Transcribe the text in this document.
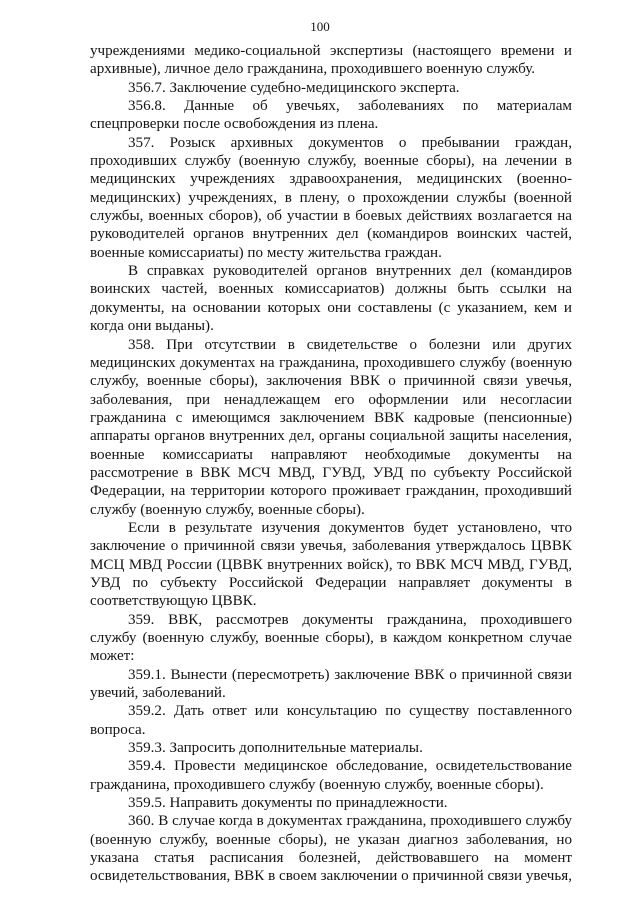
100

учреждениями медико-социальной экспертизы (настоящего времени и архивные), личное дело гражданина, проходившего военную службу.

356.7. Заключение судебно-медицинского эксперта.

356.8. Данные об увечьях, заболеваниях по материалам спецпроверки после освобождения из плена.

357. Розыск архивных документов о пребывании граждан, проходивших службу (военную службу, военные сборы), на лечении в медицинских учреждениях здравоохранения, медицинских (военно-медицинских) учреждениях, в плену, о прохождении службы (военной службы, военных сборов), об участии в боевых действиях возлагается на руководителей органов внутренних дел (командиров воинских частей, военные комиссариаты) по месту жительства граждан.

В справках руководителей органов внутренних дел (командиров воинских частей, военных комиссариатов) должны быть ссылки на документы, на основании которых они составлены (с указанием, кем и когда они выданы).

358. При отсутствии в свидетельстве о болезни или других медицинских документах на гражданина, проходившего службу (военную службу, военные сборы), заключения ВВК о причинной связи увечья, заболевания, при ненадлежащем его оформлении или несогласии гражданина с имеющимся заключением ВВК кадровые (пенсионные) аппараты органов внутренних дел, органы социальной защиты населения, военные комиссариаты направляют необходимые документы на рассмотрение в ВВК МСЧ МВД, ГУВД, УВД по субъекту Российской Федерации, на территории которого проживает гражданин, проходивший службу (военную службу, военные сборы).

Если в результате изучения документов будет установлено, что заключение о причинной связи увечья, заболевания утверждалось ЦВВК МСЦ МВД России (ЦВВК внутренних войск), то ВВК МСЧ МВД, ГУВД, УВД по субъекту Российской Федерации направляет документы в соответствующую ЦВВК.

359. ВВК, рассмотрев документы гражданина, проходившего службу (военную службу, военные сборы), в каждом конкретном случае может:

359.1. Вынести (пересмотреть) заключение ВВК о причинной связи увечий, заболеваний.

359.2. Дать ответ или консультацию по существу поставленного вопроса.

359.3. Запросить дополнительные материалы.

359.4. Провести медицинское обследование, освидетельствование гражданина, проходившего службу (военную службу, военные сборы).

359.5. Направить документы по принадлежности.

360. В случае когда в документах гражданина, проходившего службу (военную службу, военные сборы), не указан диагноз заболевания, но указана статья расписания болезней, действовавшего на момент освидетельствования, ВВК в своем заключении о причинной связи увечья,
